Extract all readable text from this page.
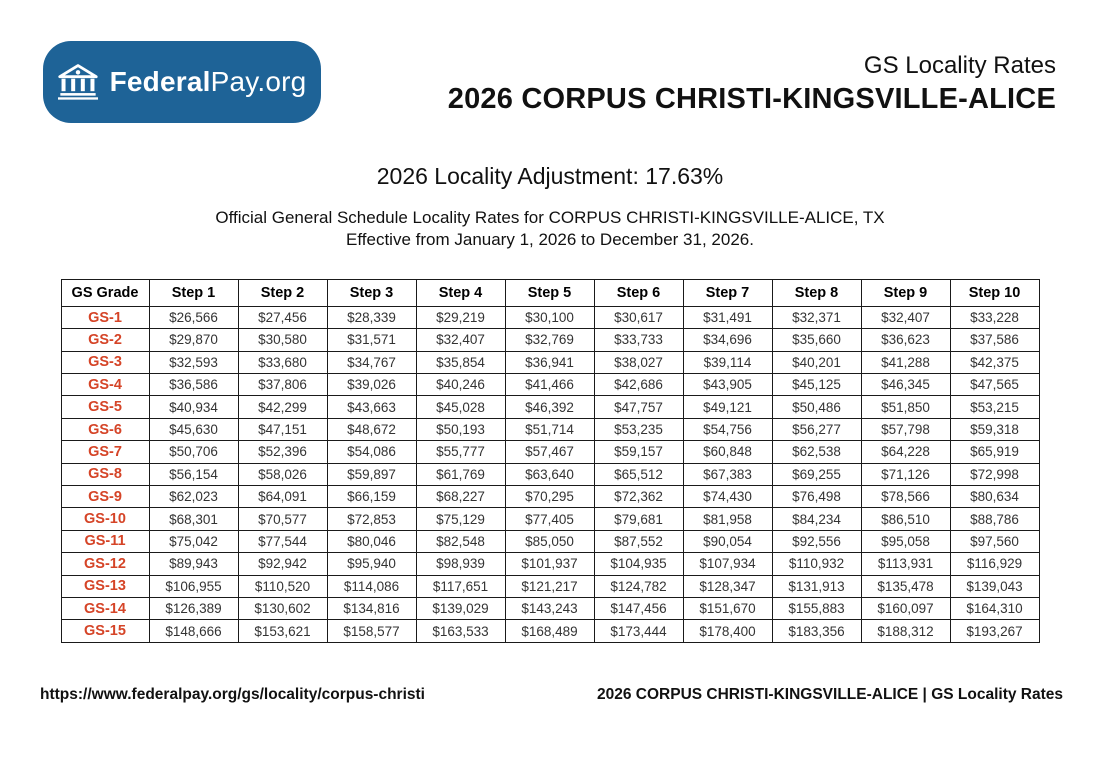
FederalPay.org
GS Locality Rates
2026 CORPUS CHRISTI-KINGSVILLE-ALICE
2026 Locality Adjustment: 17.63%
Official General Schedule Locality Rates for CORPUS CHRISTI-KINGSVILLE-ALICE, TX
Effective from January 1, 2026 to December 31, 2026.
GS Grade	Step 1	Step 2	Step 3	Step 4	Step 5	Step 6	Step 7	Step 8	Step 9	Step 10
GS-1	$26,566	$27,456	$28,339	$29,219	$30,100	$30,617	$31,491	$32,371	$32,407	$33,228
GS-2	$29,870	$30,580	$31,571	$32,407	$32,769	$33,733	$34,696	$35,660	$36,623	$37,586
GS-3	$32,593	$33,680	$34,767	$35,854	$36,941	$38,027	$39,114	$40,201	$41,288	$42,375
GS-4	$36,586	$37,806	$39,026	$40,246	$41,466	$42,686	$43,905	$45,125	$46,345	$47,565
GS-5	$40,934	$42,299	$43,663	$45,028	$46,392	$47,757	$49,121	$50,486	$51,850	$53,215
GS-6	$45,630	$47,151	$48,672	$50,193	$51,714	$53,235	$54,756	$56,277	$57,798	$59,318
GS-7	$50,706	$52,396	$54,086	$55,777	$57,467	$59,157	$60,848	$62,538	$64,228	$65,919
GS-8	$56,154	$58,026	$59,897	$61,769	$63,640	$65,512	$67,383	$69,255	$71,126	$72,998
GS-9	$62,023	$64,091	$66,159	$68,227	$70,295	$72,362	$74,430	$76,498	$78,566	$80,634
GS-10	$68,301	$70,577	$72,853	$75,129	$77,405	$79,681	$81,958	$84,234	$86,510	$88,786
GS-11	$75,042	$77,544	$80,046	$82,548	$85,050	$87,552	$90,054	$92,556	$95,058	$97,560
GS-12	$89,943	$92,942	$95,940	$98,939	$101,937	$104,935	$107,934	$110,932	$113,931	$116,929
GS-13	$106,955	$110,520	$114,086	$117,651	$121,217	$124,782	$128,347	$131,913	$135,478	$139,043
GS-14	$126,389	$130,602	$134,816	$139,029	$143,243	$147,456	$151,670	$155,883	$160,097	$164,310
GS-15	$148,666	$153,621	$158,577	$163,533	$168,489	$173,444	$178,400	$183,356	$188,312	$193,267
https://www.federalpay.org/gs/locality/corpus-christi	2026 CORPUS CHRISTI-KINGSVILLE-ALICE | GS Locality Rates
